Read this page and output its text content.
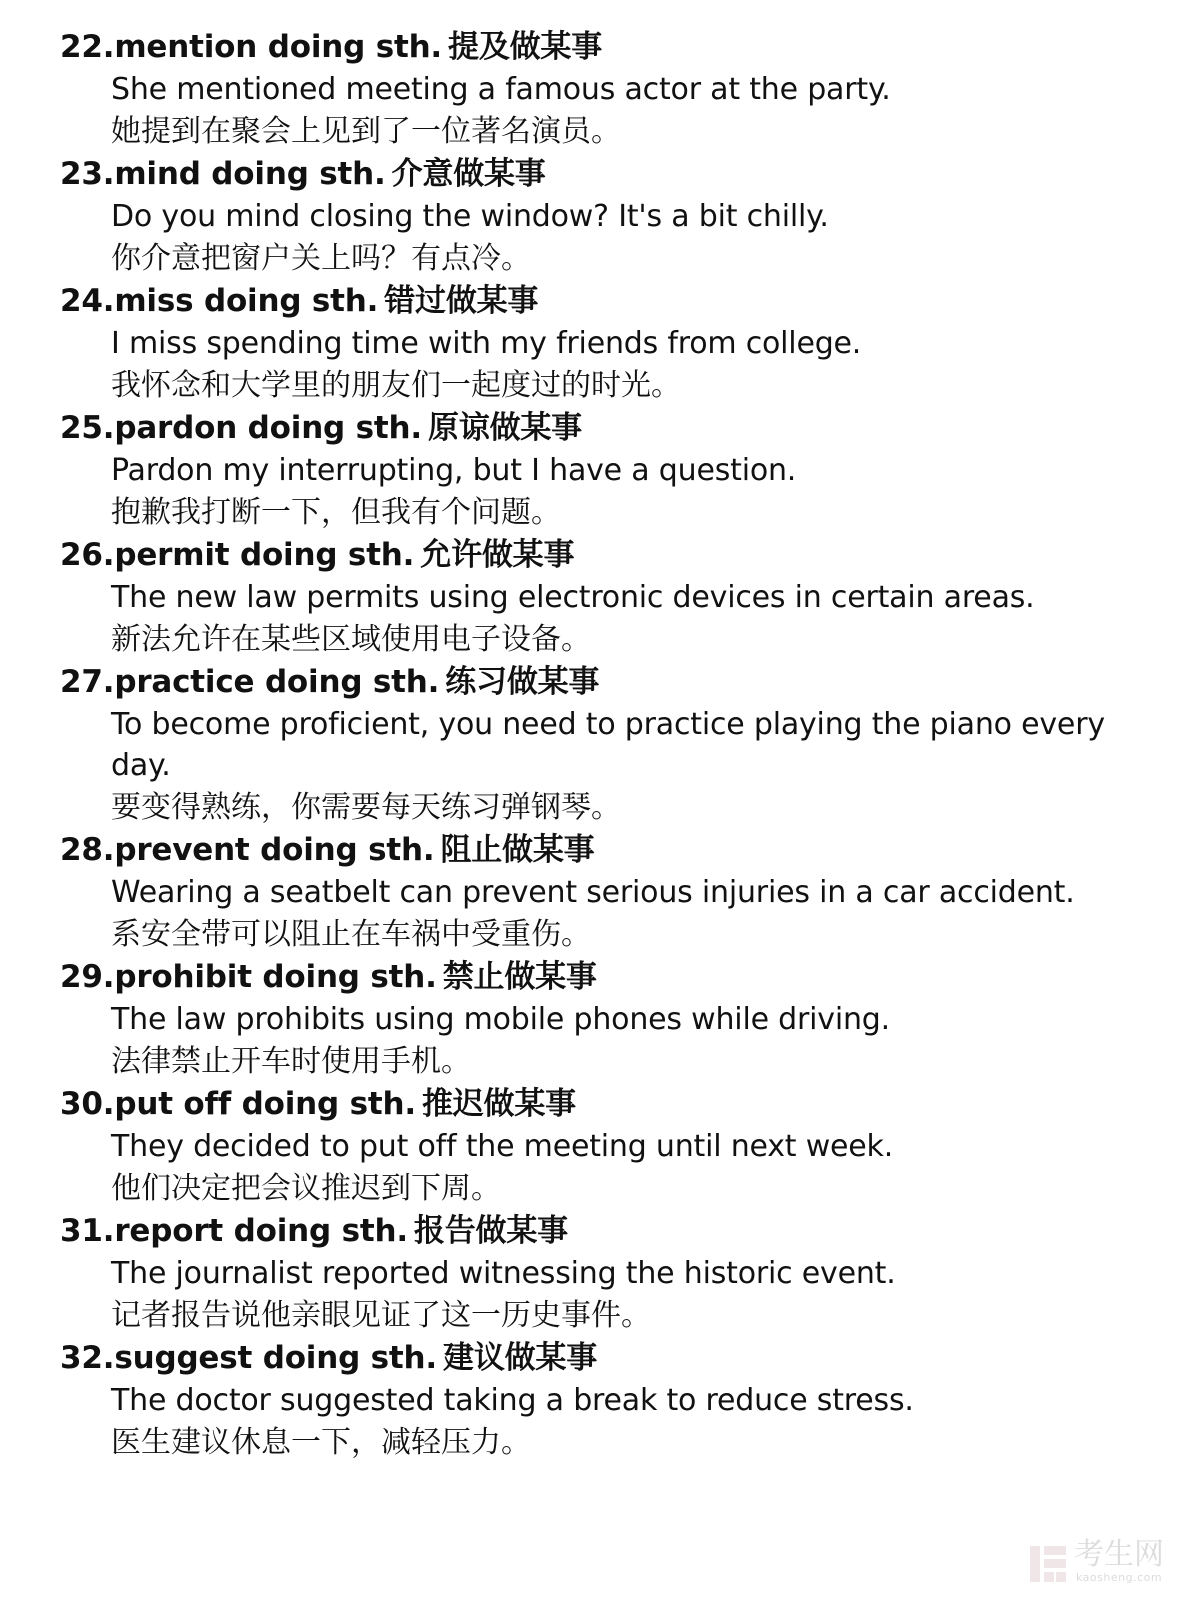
22.mention doing sth. 提及做某事
She mentioned meeting a famous actor at the party.
她提到在聚会上见到了一位著名演员。
23.mind doing sth. 介意做某事
Do you mind closing the window? It's a bit chilly.
你介意把窗户关上吗？有点冷。
24.miss doing sth. 错过做某事
I miss spending time with my friends from college.
我怀念和大学里的朋友们一起度过的时光。
25.pardon doing sth. 原谅做某事
Pardon my interrupting, but I have a question.
抱歉我打断一下，但我有个问题。
26.permit doing sth. 允许做某事
The new law permits using electronic devices in certain areas.
新法允许在某些区域使用电子设备。
27.practice doing sth. 练习做某事
To become proficient, you need to practice playing the piano every day.
要变得熟练，你需要每天练习弹钢琴。
28.prevent doing sth. 阻止做某事
Wearing a seatbelt can prevent serious injuries in a car accident.
系安全带可以阻止在车祸中受重伤。
29.prohibit doing sth. 禁止做某事
The law prohibits using mobile phones while driving.
法律禁止开车时使用手机。
30.put off doing sth. 推迟做某事
They decided to put off the meeting until next week.
他们决定把会议推迟到下周。
31.report doing sth. 报告做某事
The journalist reported witnessing the historic event.
记者报告说他亲眼见证了这一历史事件。
32.suggest doing sth. 建议做某事
The doctor suggested taking a break to reduce stress.
医生建议休息一下，减轻压力。
考生网
kaosheng.com
